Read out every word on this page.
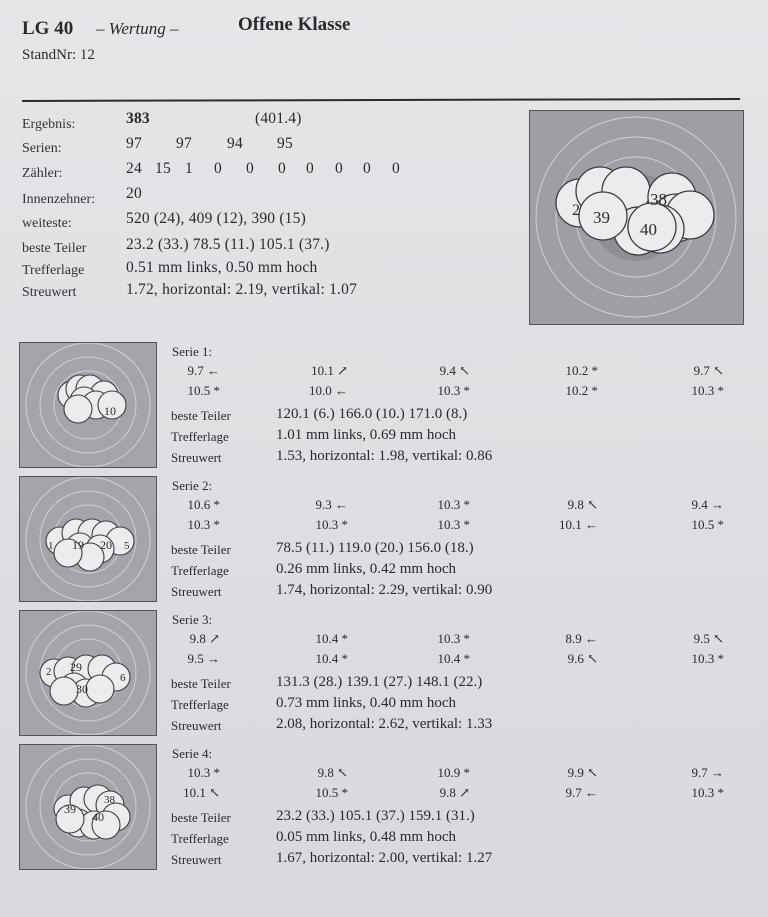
LG 40 – Wertung –	Offene Klasse
StandNr: 12
Ergebnis:	383	(401.4)
Serien:	97 97 94 95
Zähler:	24 15 1 0 0 0 0 0 0 0
Innenzehner: 20
weiteste:	520 (24), 409 (12), 390 (15)
beste Teiler	23.2 (33.) 78.5 (11.) 105.1 (37.)
Trefferlage	0.51 mm links, 0.50 mm hoch
Streuwert	1.72, horizontal: 2.19, vertikal: 1.07
2 39
38
40
10
Serie 1:
9.7 ←	10.1 ↗	9.4 ↖	10.2 *	9.7 ↖
10.5 *	10.0 ←	10.3 *	10.2 *	10.3 *
beste Teiler	120.1 (6.) 166.0 (10.) 171.0 (8.)
Trefferlage	1.01 mm links, 0.69 mm hoch
Streuwert	1.53, horizontal: 1.98, vertikal: 0.86
1 19 20 5
Serie 2:
10.6 *	9.3 ←	10.3 *	9.8 ↖	9.4 →
10.3 *	10.3 *	10.3 *	10.1 ←	10.5 *
beste Teiler	78.5 (11.) 119.0 (20.) 156.0 (18.)
Trefferlage	0.26 mm links, 0.42 mm hoch
Streuwert	1.74, horizontal: 2.29, vertikal: 0.90
2 29
30
6
Serie 3:
9.8 ↗	10.4 *	10.3 *	8.9 ←	9.5 ↖
9.5 →	10.4 *	10.4 *	9.6 ↖	10.3 *
beste Teiler	131.3 (28.) 139.1 (27.) 148.1 (22.)
Trefferlage	0.73 mm links, 0.40 mm hoch
Streuwert	2.08, horizontal: 2.62, vertikal: 1.33
39
38
40
Serie 4:
10.3 *	9.8 ↖	10.9 *	9.9 ↖	9.7 →
10.1 ↖	10.5 *	9.8 ↗	9.7 ←	10.3 *
beste Teiler	23.2 (33.) 105.1 (37.) 159.1 (31.)
Trefferlage	0.05 mm links, 0.48 mm hoch
Streuwert	1.67, horizontal: 2.00, vertikal: 1.27
